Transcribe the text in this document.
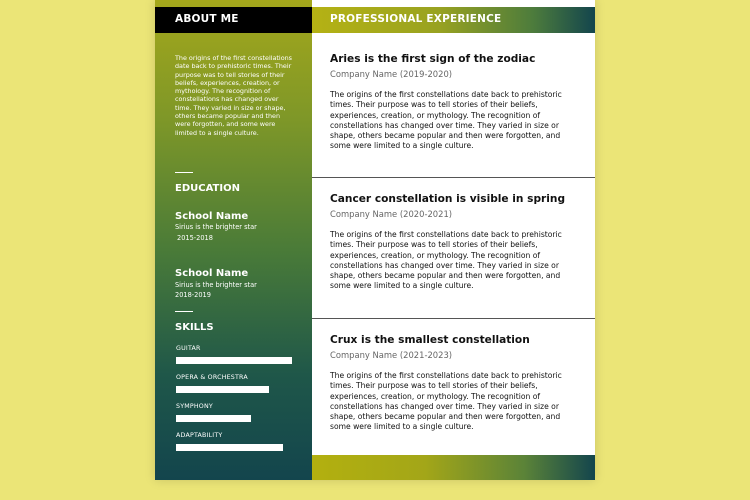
ABOUT ME
The origins of the first constellations date back to prehistoric times. Their purpose was to tell stories of their beliefs, experiences, creation, or mythology. The recognition of constellations has changed over time. They varied in size or shape, others became popular and then were forgotten, and some were limited to a single culture.
EDUCATION
School Name
Sirius is the brighter star
2015-2018
School Name
Sirius is the brighter star
2018-2019
SKILLS
GUITAR
OPERA & ORCHESTRA
SYMPHONY
ADAPTABILITY
PROFESSIONAL EXPERIENCE
Aries is the first sign of the zodiac
Company Name (2019-2020)
The origins of the first constellations date back to prehistoric times. Their purpose was to tell stories of their beliefs, experiences, creation, or mythology. The recognition of constellations has changed over time. They varied in size or shape, others became popular and then were forgotten, and some were limited to a single culture.
Cancer constellation is visible in spring
Company Name (2020-2021)
The origins of the first constellations date back to prehistoric times. Their purpose was to tell stories of their beliefs, experiences, creation, or mythology. The recognition of constellations has changed over time. They varied in size or shape, others became popular and then were forgotten, and some were limited to a single culture.
Crux is the smallest constellation
Company Name (2021-2023)
The origins of the first constellations date back to prehistoric times. Their purpose was to tell stories of their beliefs, experiences, creation, or mythology. The recognition of constellations has changed over time. They varied in size or shape, others became popular and then were forgotten, and some were limited to a single culture.
